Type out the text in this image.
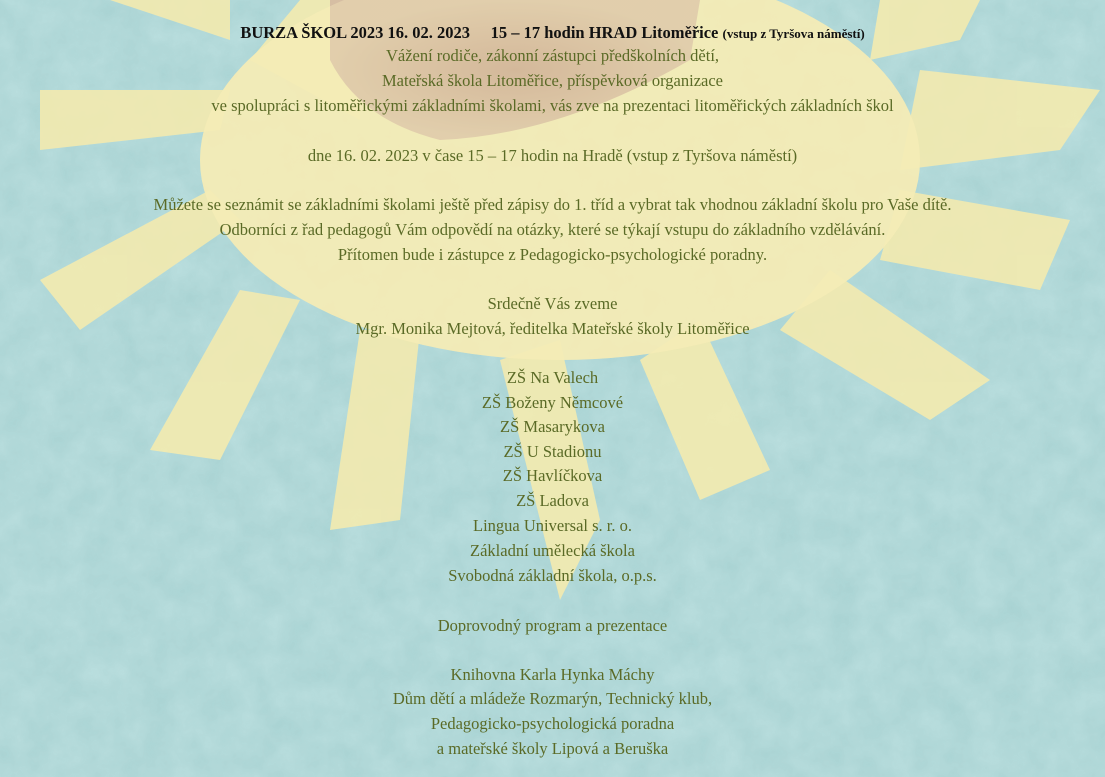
BURZA ŠKOL 2023 16. 02. 2023     15 – 17 hodin HRAD Litoměřice (vstup z Tyršova náměstí)
Vážení rodiče, zákonní zástupci předškolních dětí,
Mateřská škola Litoměřice, příspěvková organizace
ve spolupráci s litoměřickými základními školami, vás zve na prezentaci litoměřických základních škol
dne 16. 02. 2023 v čase 15 – 17 hodin na Hradě (vstup z Tyršova náměstí)
Můžete se seznámit se základními školami ještě před zápisy do 1. tříd a vybrat tak vhodnou základní školu pro Vaše dítě.
Odborníci z řad pedagogů Vám odpovědí na otázky, které se týkají vstupu do základního vzdělávání.
Přítomen bude i zástupce z Pedagogicko-psychologické poradny.
Srdečně Vás zveme
Mgr. Monika Mejtová, ředitelka Mateřské školy Litoměřice
ZŠ Na Valech
ZŠ Boženy Němcové
ZŠ Masarykova
ZŠ U Stadionu
ZŠ Havlíčkova
ZŠ Ladova
Lingua Universal s. r. o.
Základní umělecká škola
Svobodná základní škola, o.p.s.
Doprovodný program a prezentace
Knihovna Karla Hynka Máchy
Dům dětí a mládeže Rozmarýn, Technický klub,
Pedagogicko-psychologická poradna
a mateřské školy Lipová a Beruška
